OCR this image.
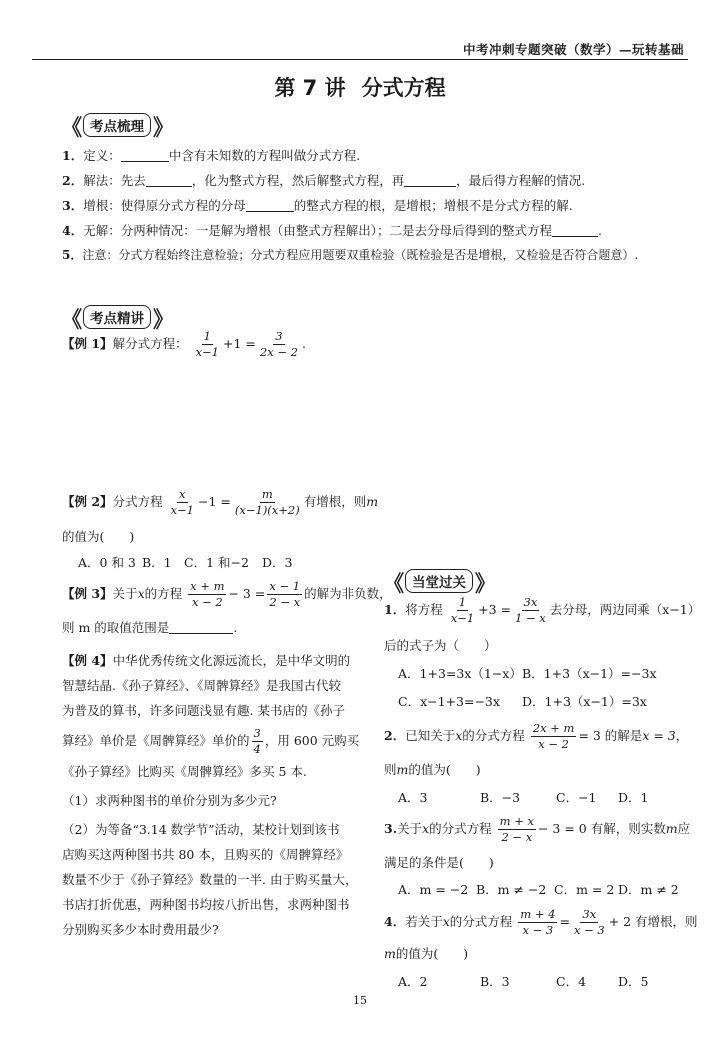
中考冲刺专题突破（数学）—玩转基础
第 7 讲 分式方程
《	考点梳理 》
1．定义：	中含有未知数的方程叫做分式方程.
2．解法：先去	，化为整式方程，然后解整式方程，再	，最后得方程解的情况.
3．增根：使得原分式方程的分母	的整式方程的根，是增根；增根不是分式方程的解.
4．无解：分两种情况：一是解为增根（由整式方程解出）；二是去分母后得到的整式方程	.
5．注意：分式方程始终注意检验；分式方程应用题要双重检验（既检验是否是增根，又检验是否符合题意）.
《	考点精讲 》
【例 1】解分式方程： $\frac{1}{x-1} +1 = \frac{3}{2x - 2}$ .
【例 2】分式方程 $\frac{x}{x-1} -1 = \frac{m}{(x-1)(x+2)}$ 有增根，则m
的值为(　　)
A．0 和 3 B．1 C．1 和−2 D．3
【例 3】关于x的方程 $\frac{x + m}{x - 2} - 3 = \frac{x - 1}{2 - x}$ 的解为非负数，
则 m 的取值范围是	.
【例 4】中华优秀传统文化源远流长，是中华文明的
智慧结晶.《孙子算经》、《周髀算经》是我国古代较
为普及的算书，许多问题浅显有趣. 某书店的《孙子
算经》单价是《周髀算经》单价的 $\frac{3}{4}$ ，用 600 元购买
《孙子算经》比购买《周髀算经》多买 5 本.
（1）求两种图书的单价分别为多少元?
（2）为等备“3.14 数学节”活动，某校计划到该书
店购买这两种图书共 80 本，且购买的《周髀算经》
数量不少于《孙子算经》数量的一半. 由于购买量大，
书店打折优惠，两种图书均按八折出售，求两种图书
分别购买多少本时费用最少?
《	当堂过关 》
1．将方程 $\frac{1}{x-1} +3 = \frac{3x}{1 - x}$ 去分母，两边同乘（x−1）
后的式子为（　　）
A．1+3=3x（1−x）B．1+3（x−1）=−3x
C．x−1+3=−3x D．1+3（x−1）=3x
2．已知关于x的分式方程 $\frac{2x + m}{x - 2} = 3$ 的解是x = 3，
则m的值为(　　)
A．3	B．−3	C．−1 D．1
3.关于x的分式方程 $\frac{m + x}{2 - x} - 3 = 0$ 有解，则实数m应
满足的条件是(　　)
A．m = −2 B．m ≠ −2 C．m = 2 D．m ≠ 2
4．若关于x的分式方程 $\frac{m + 4}{x - 3} = \frac{3x}{x - 3} + 2$ 有增根，则
m的值为(　　)
A．2	B．3	C．4	D．5
15
